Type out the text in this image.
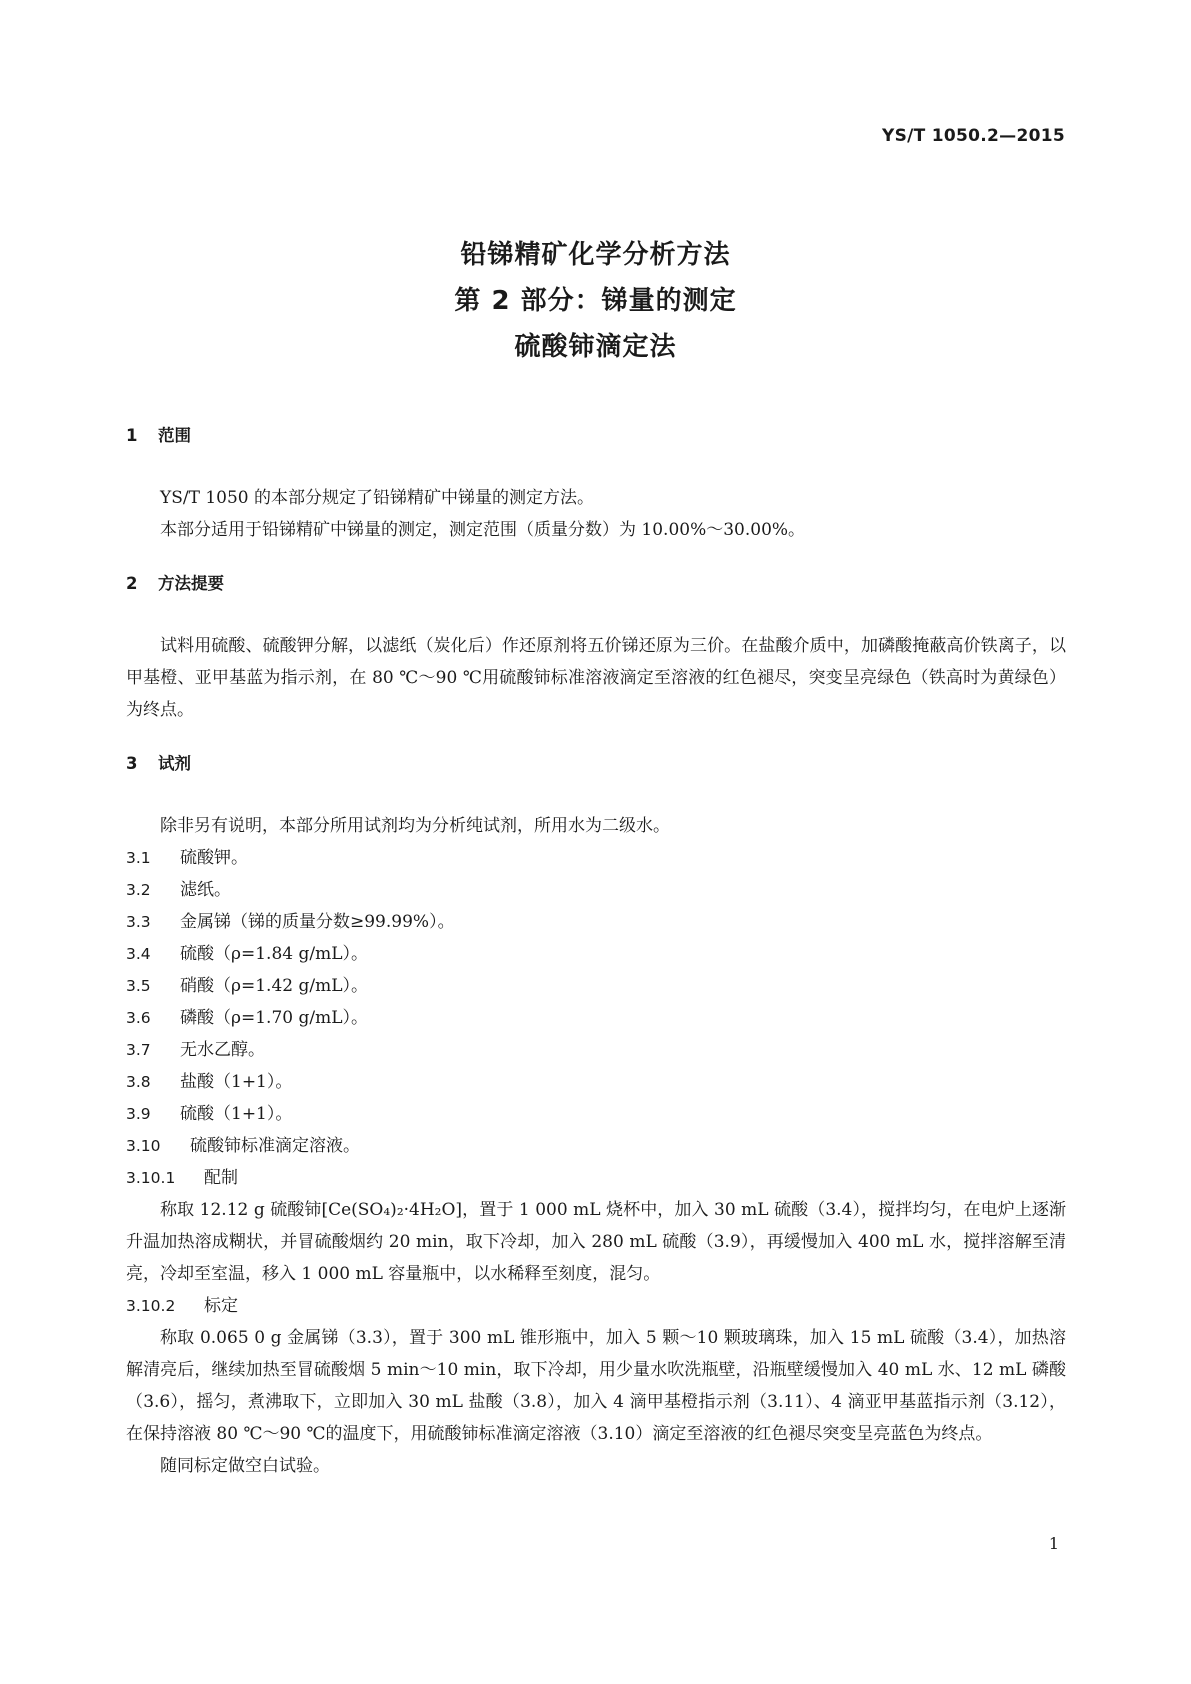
YS/T 1050.2—2015
铅锑精矿化学分析方法
第 2 部分：锑量的测定
硫酸铈滴定法
1 范围
YS/T 1050 的本部分规定了铅锑精矿中锑量的测定方法。
本部分适用于铅锑精矿中锑量的测定，测定范围（质量分数）为 10.00%～30.00%。
2 方法提要
试料用硫酸、硫酸钾分解，以滤纸（炭化后）作还原剂将五价锑还原为三价。在盐酸介质中，加磷酸掩蔽高价铁离子，以甲基橙、亚甲基蓝为指示剂，在 80 ℃～90 ℃用硫酸铈标准溶液滴定至溶液的红色褪尽，突变呈亮绿色（铁高时为黄绿色）为终点。
3 试剂
除非另有说明，本部分所用试剂均为分析纯试剂，所用水为二级水。
3.1 硫酸钾。
3.2 滤纸。
3.3 金属锑（锑的质量分数≥99.99%）。
3.4 硫酸（ρ=1.84 g/mL）。
3.5 硝酸（ρ=1.42 g/mL）。
3.6 磷酸（ρ=1.70 g/mL）。
3.7 无水乙醇。
3.8 盐酸（1+1）。
3.9 硫酸（1+1）。
3.10 硫酸铈标准滴定溶液。
3.10.1 配制
称取 12.12 g 硫酸铈[Ce(SO₄)₂·4H₂O]，置于 1 000 mL 烧杯中，加入 30 mL 硫酸（3.4），搅拌均匀，在电炉上逐渐升温加热溶成糊状，并冒硫酸烟约 20 min，取下冷却，加入 280 mL 硫酸（3.9），再缓慢加入 400 mL 水，搅拌溶解至清亮，冷却至室温，移入 1 000 mL 容量瓶中，以水稀释至刻度，混匀。
3.10.2 标定
称取 0.065 0 g 金属锑（3.3），置于 300 mL 锥形瓶中，加入 5 颗～10 颗玻璃珠，加入 15 mL 硫酸（3.4），加热溶解清亮后，继续加热至冒硫酸烟 5 min～10 min，取下冷却，用少量水吹洗瓶壁，沿瓶壁缓慢加入 40 mL 水、12 mL 磷酸（3.6），摇匀，煮沸取下，立即加入 30 mL 盐酸（3.8），加入 4 滴甲基橙指示剂（3.11）、4 滴亚甲基蓝指示剂（3.12），在保持溶液 80 ℃～90 ℃的温度下，用硫酸铈标准滴定溶液（3.10）滴定至溶液的红色褪尽突变呈亮蓝色为终点。
随同标定做空白试验。
1
